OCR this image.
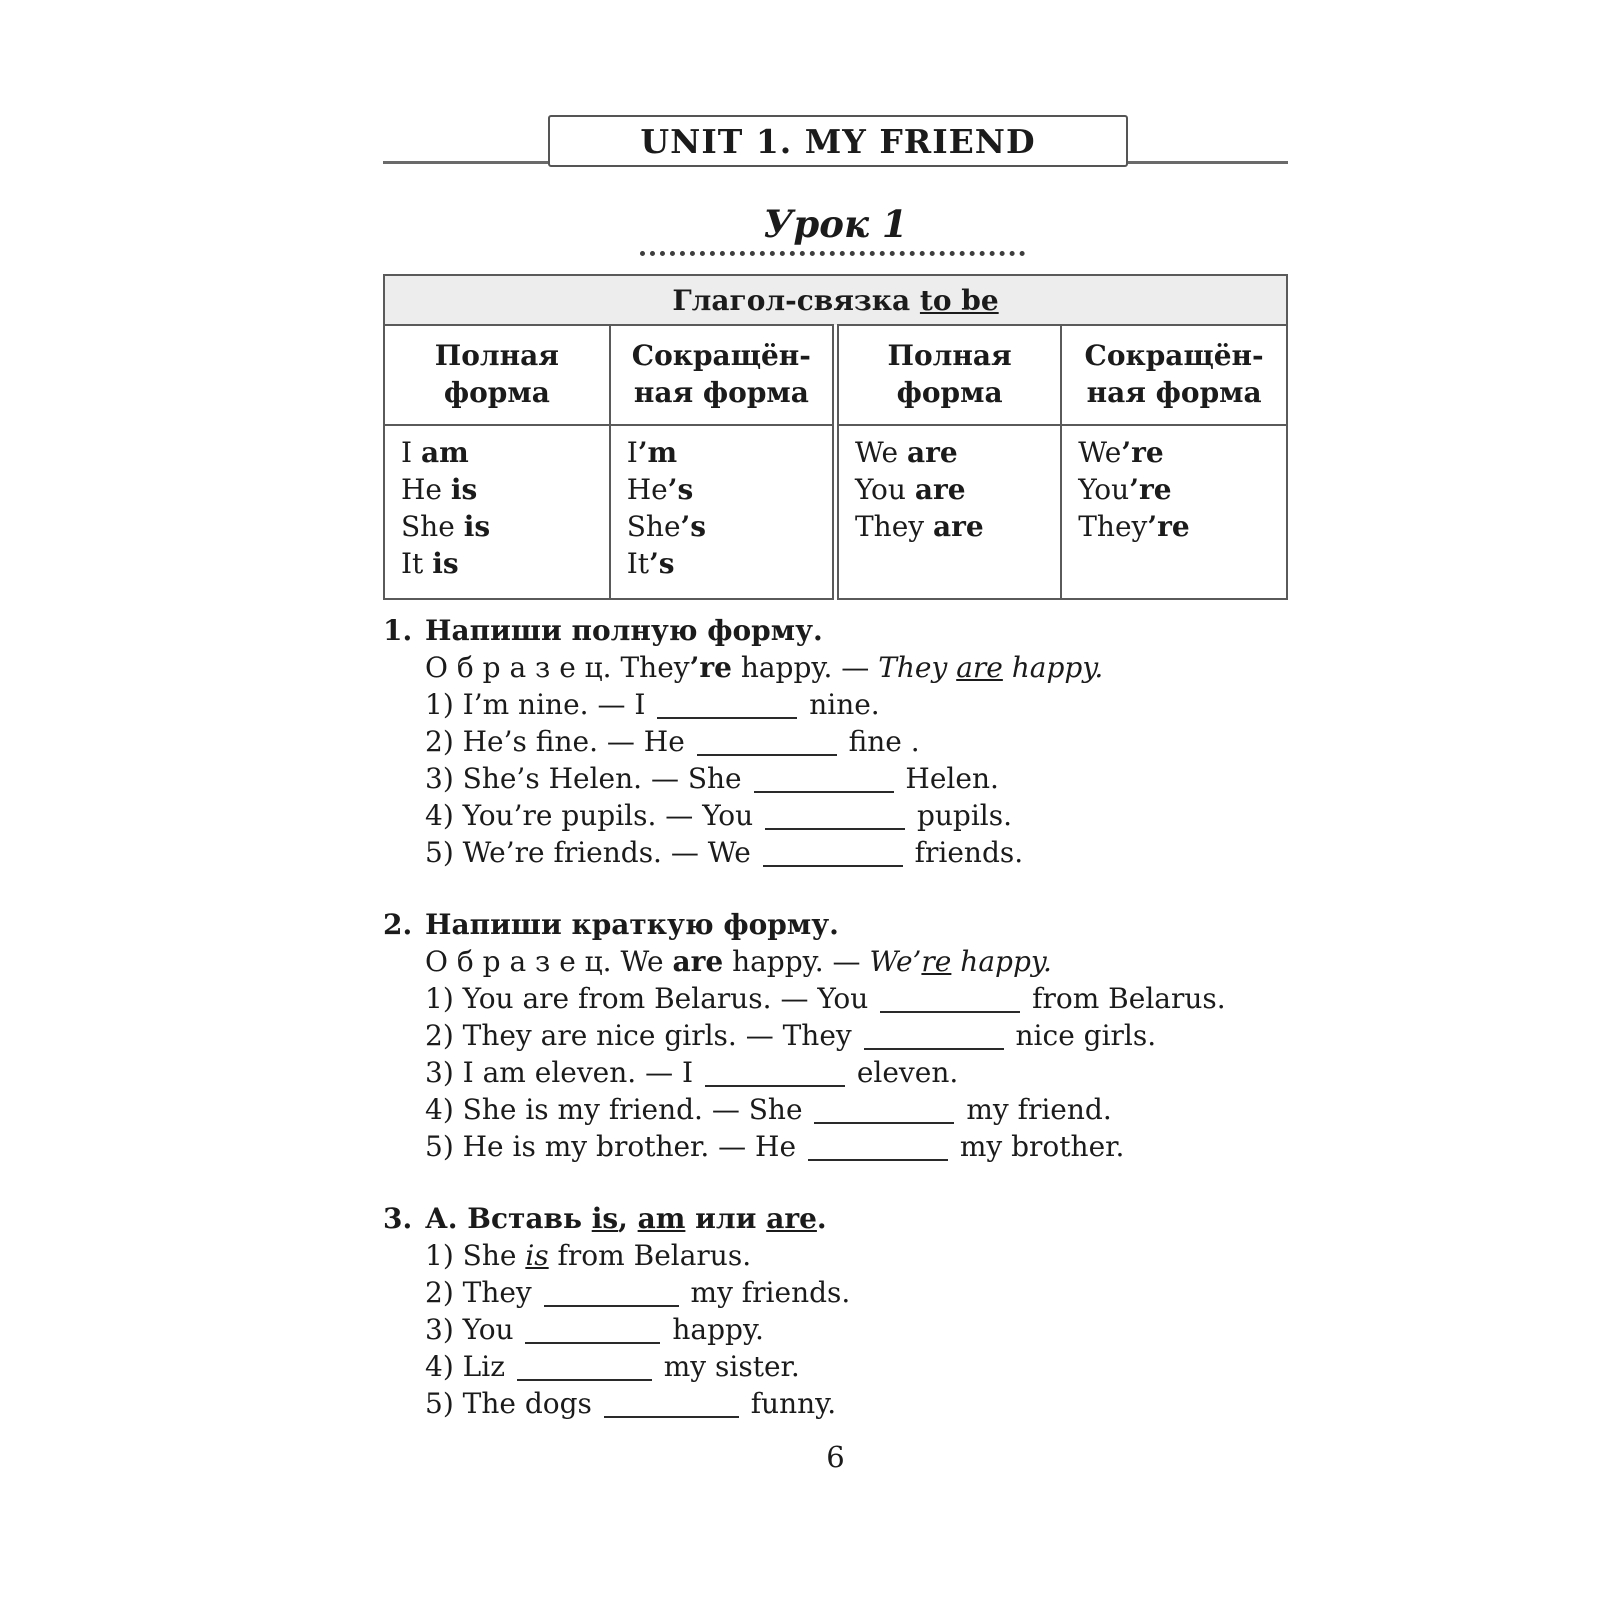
UNIT 1. MY FRIEND
Урок 1
Глагол-связка to be			
Полная
форма	Сокращён-
ная форма	Полная
форма	Сокращён-
ная форма

I am
He is
She is
It is

I’m
He’s
She’s
It’s

We are
You are
They are

We’re
You’re
They’re
1. Напиши полную форму.
О б р а з е ц. They’re happy. — They are happy.
1) I’m nine. — I	nine.
2) He’s fine. — He	fine .
3) She’s Helen. — She	Helen.
4) You’re pupils. — You	pupils.
5) We’re friends. — We	friends.
2. Напиши краткую форму.
О б р а з е ц. We are happy. — We’re happy.
1) You are from Belarus. — You	from Belarus.
2) They are nice girls. — They	nice girls.
3) I am eleven. — I	eleven.
4) She is my friend. — She	my friend.
5) He is my brother. — He	my brother.
3. А. Вставь is, am или are.
1) She is from Belarus.
2) They	my friends.
3) You	happy.
4) Liz	my sister.
5) The dogs	funny.
6
